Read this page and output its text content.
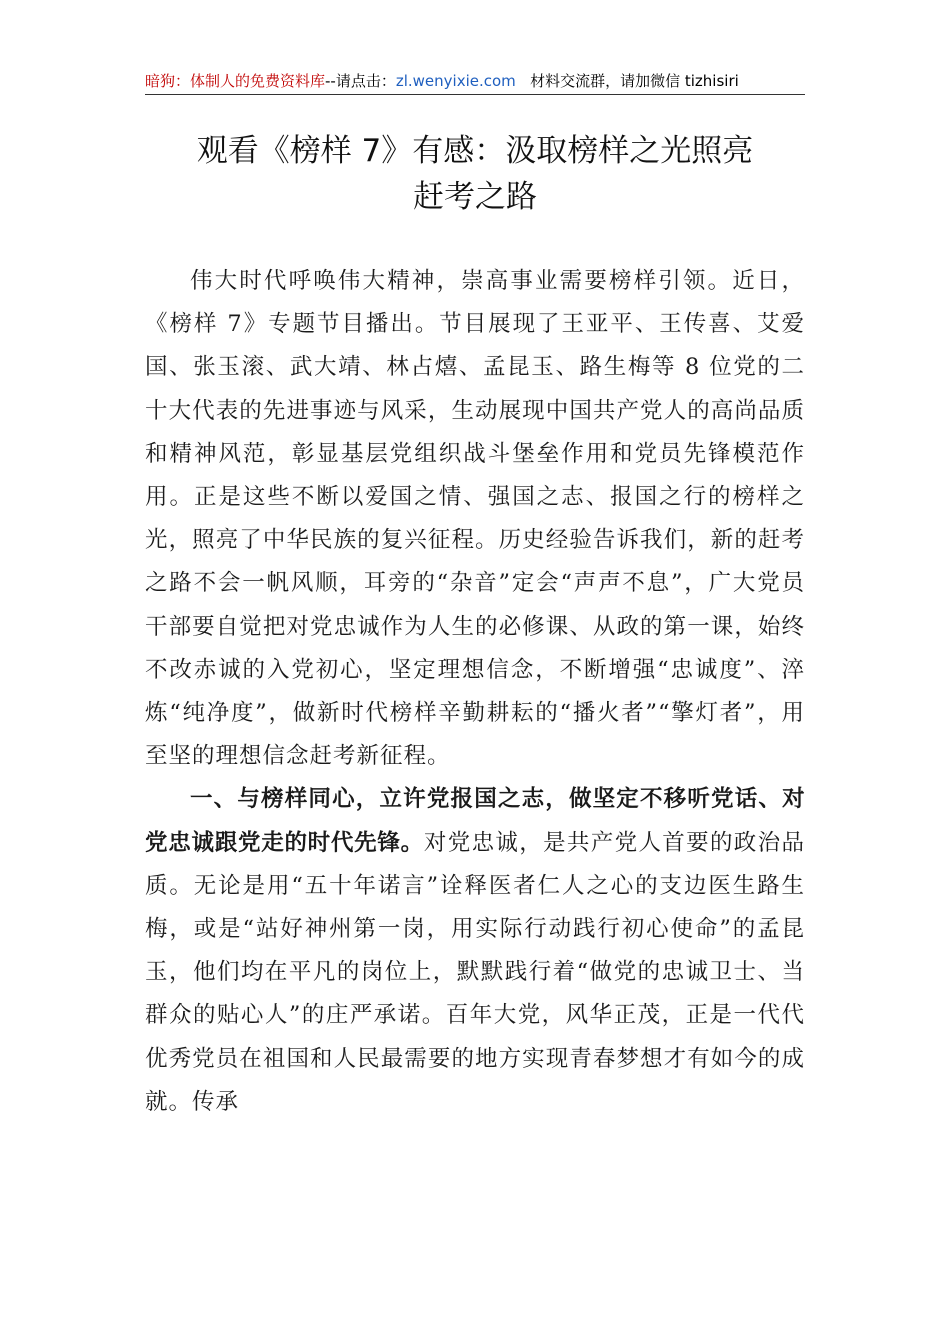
暗狗：体制人的免费资料库--请点击：zl.wenyixie.com 材料交流群，请加微信 tizhisiri
观看《榜样 7》有感：汲取榜样之光照亮
赶考之路

伟大时代呼唤伟大精神，崇高事业需要榜样引领。近日，《榜样 7》专题节目播出。节目展现了王亚平、王传喜、艾爱国、张玉滚、武大靖、林占熺、孟昆玉、路生梅等 8 位党的二十大代表的先进事迹与风采，生动展现中国共产党人的高尚品质和精神风范，彰显基层党组织战斗堡垒作用和党员先锋模范作用。正是这些不断以爱国之情、强国之志、报国之行的榜样之光，照亮了中华民族的复兴征程。历史经验告诉我们，新的赶考之路不会一帆风顺，耳旁的“杂音”定会“声声不息”，广大党员干部要自觉把对党忠诚作为人生的必修课、从政的第一课，始终不改赤诚的入党初心，坚定理想信念，不断增强“忠诚度”、淬炼“纯净度”，做新时代榜样辛勤耕耘的“播火者”“擎灯者”，用至坚的理想信念赶考新征程。

一、与榜样同心，立许党报国之志，做坚定不移听党话、对党忠诚跟党走的时代先锋。对党忠诚，是共产党人首要的政治品质。无论是用“五十年诺言”诠释医者仁人之心的支边医生路生梅，或是“站好神州第一岗，用实际行动践行初心使命”的孟昆玉，他们均在平凡的岗位上，默默践行着“做党的忠诚卫士、当群众的贴心人”的庄严承诺。百年大党，风华正茂，正是一代代优秀党员在祖国和人民最需要的地方实现青春梦想才有如今的成就。传承
